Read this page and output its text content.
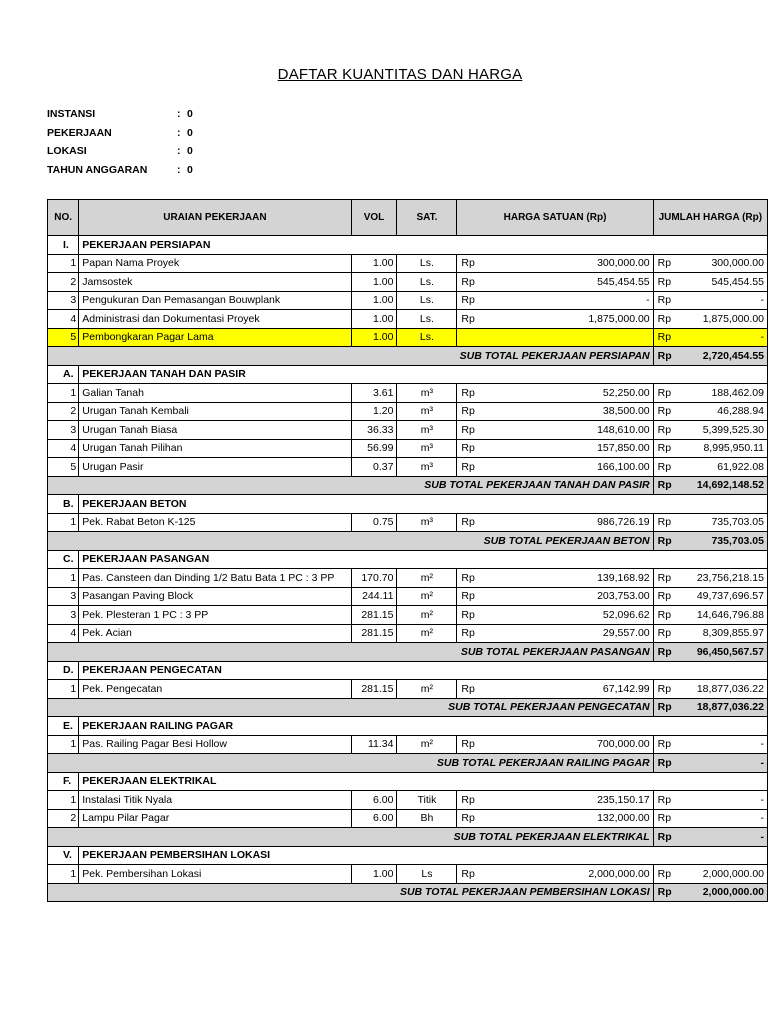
DAFTAR KUANTITAS DAN HARGA
INSTANSI	: 0
PEKERJAAN	: 0
LOKASI	: 0
TAHUN ANGGARAN	: 0
NO.	URAIAN PEKERJAAN	VOL	SAT.	HARGA SATUAN (Rp)		JUMLAH HARGA (Rp)	
I.	PEKERJAAN PERSIAPAN						
1	Papan Nama Proyek	1.00	Ls.	Rp	300,000.00	Rp	300,000.00
2	Jamsostek	1.00	Ls.	Rp	545,454.55	Rp	545,454.55
3	Pengukuran Dan Pemasangan Bouwplank	1.00	Ls.	Rp	-	Rp	-
4	Administrasi dan Dokumentasi Proyek	1.00	Ls.	Rp	1,875,000.00	Rp	1,875,000.00
5	Pembongkaran Pagar Lama	1.00	Ls.			Rp	-
			SUB TOTAL PEKERJAAN PERSIAPAN			Rp	2,720,454.55
A.	PEKERJAAN TANAH DAN PASIR						
1	Galian Tanah	3.61	m³	Rp	52,250.00	Rp	188,462.09
2	Urugan Tanah Kembali	1.20	m³	Rp	38,500.00	Rp	46,288.94
3	Urugan Tanah Biasa	36.33	m³	Rp	148,610.00	Rp	5,399,525.30
4	Urugan Tanah Pilihan	56.99	m³	Rp	157,850.00	Rp	8,995,950.11
5	Urugan Pasir	0.37	m³	Rp	166,100.00	Rp	61,922.08
			SUB TOTAL PEKERJAAN TANAH DAN PASIR			Rp	14,692,148.52
B.	PEKERJAAN BETON						
1	Pek. Rabat Beton K-125	0.75	m³	Rp	986,726.19	Rp	735,703.05
			SUB TOTAL PEKERJAAN BETON			Rp	735,703.05
C.	PEKERJAAN PASANGAN						
1	Pas. Cansteen dan Dinding 1/2 Batu Bata 1 PC : 3 PP	170.70	m²	Rp	139,168.92	Rp	23,756,218.15
3	Pasangan Paving Block	244.11	m²	Rp	203,753.00	Rp	49,737,696.57
3	Pek. Plesteran 1 PC : 3 PP	281.15	m²	Rp	52,096.62	Rp	14,646,796.88
4	Pek. Acian	281.15	m²	Rp	29,557.00	Rp	8,309,855.97
			SUB TOTAL PEKERJAAN PASANGAN			Rp	96,450,567.57
D.	PEKERJAAN PENGECATAN						
1	Pek. Pengecatan	281.15	m²	Rp	67,142.99	Rp	18,877,036.22
			SUB TOTAL PEKERJAAN PENGECATAN			Rp	18,877,036.22
E.	PEKERJAAN RAILING PAGAR						
1	Pas. Railing Pagar Besi Hollow	11.34	m²	Rp	700,000.00	Rp	-
			SUB TOTAL PEKERJAAN RAILING PAGAR			Rp	-
F.	PEKERJAAN ELEKTRIKAL						
1	Instalasi Titik Nyala	6.00	Titik	Rp	235,150.17	Rp	-
2	Lampu Pilar Pagar	6.00	Bh	Rp	132,000.00	Rp	-
			SUB TOTAL PEKERJAAN ELEKTRIKAL			Rp	-
V.	PEKERJAAN PEMBERSIHAN LOKASI						
1	Pek. Pembersihan Lokasi	1.00	Ls	Rp	2,000,000.00	Rp	2,000,000.00
			SUB TOTAL PEKERJAAN PEMBERSIHAN LOKASI			Rp	2,000,000.00
